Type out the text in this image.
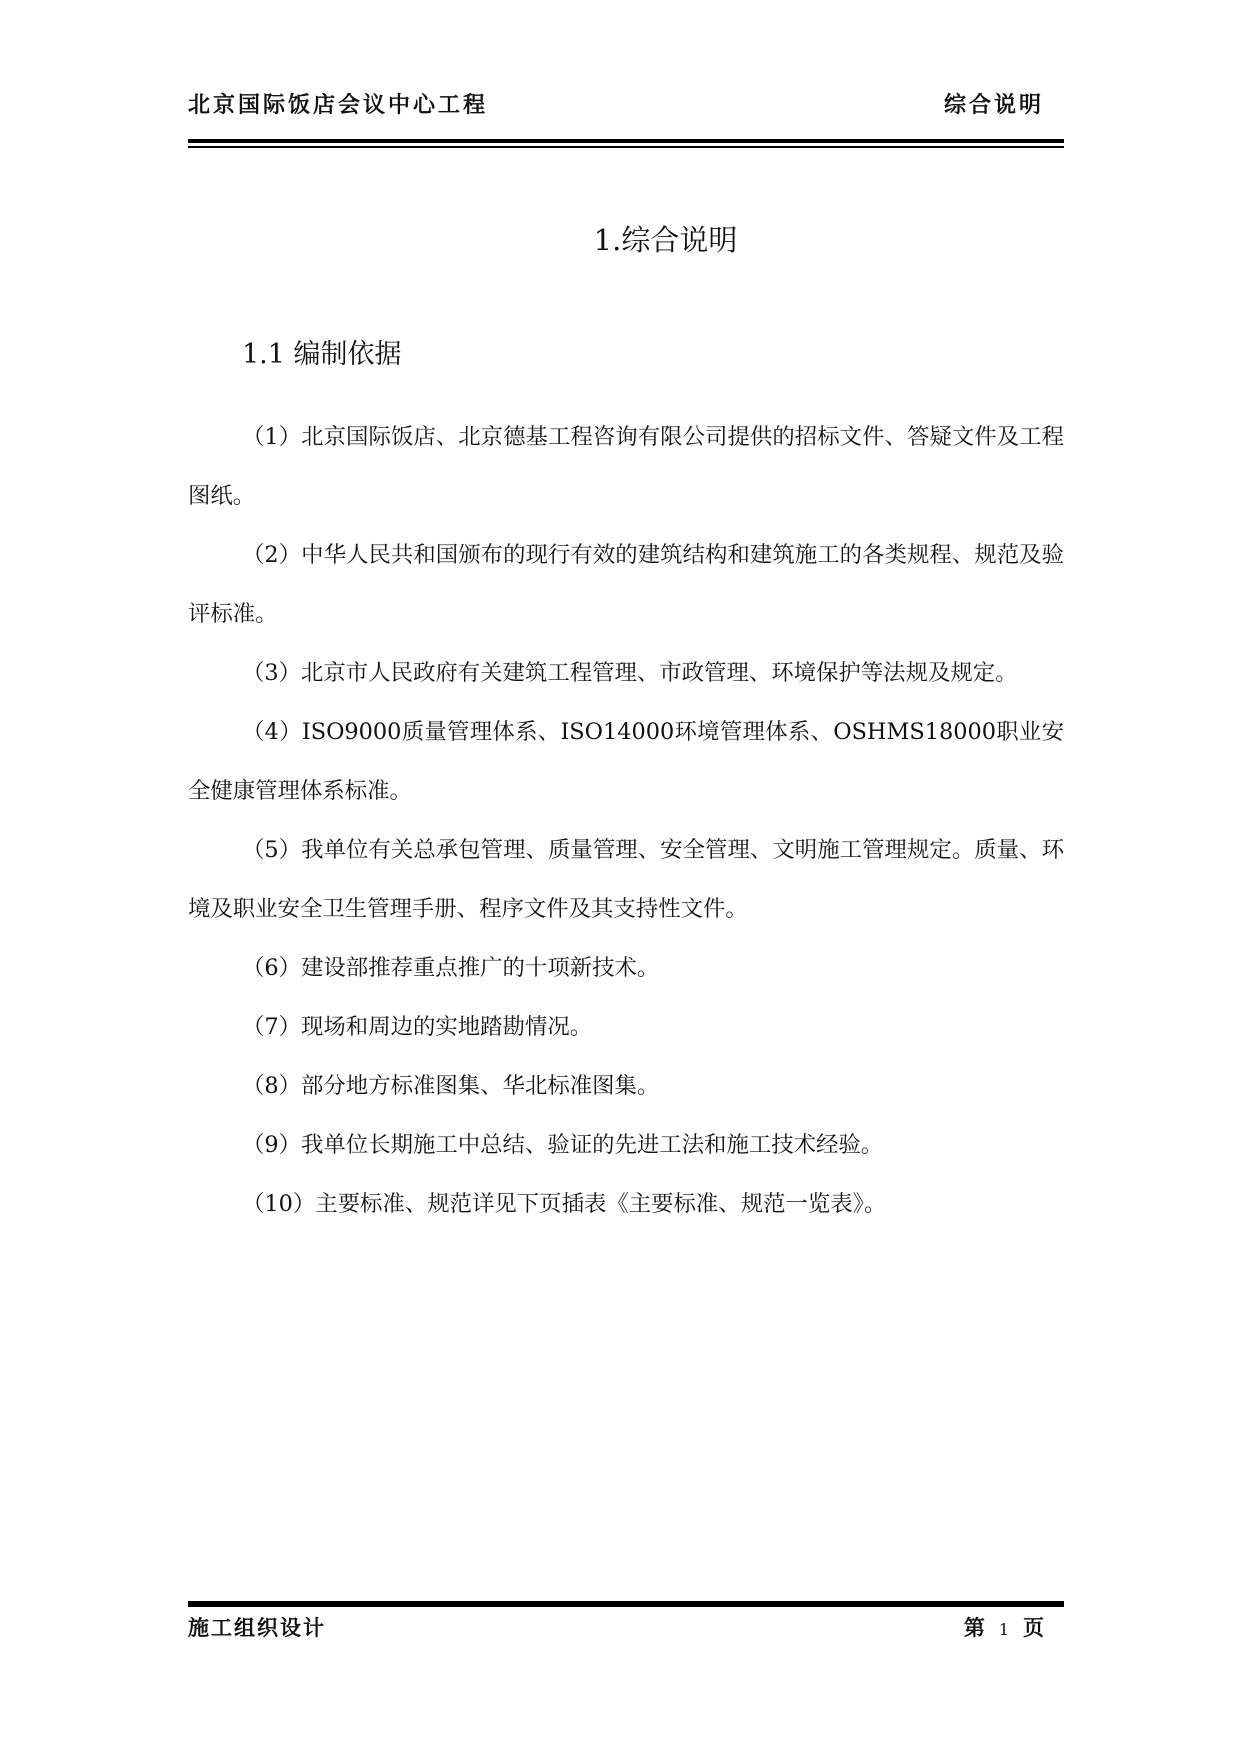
北京国际饭店会议中心工程	综合说明
1.综合说明
1.1 编制依据

（1）北京国际饭店、北京德基工程咨询有限公司提供的招标文件、答疑文件及工程图纸。

（2）中华人民共和国颁布的现行有效的建筑结构和建筑施工的各类规程、规范及验评标准。

（3）北京市人民政府有关建筑工程管理、市政管理、环境保护等法规及规定。

（4）ISO9000质量管理体系、ISO14000环境管理体系、OSHMS18000职业安全健康管理体系标准。

（5）我单位有关总承包管理、质量管理、安全管理、文明施工管理规定。质量、环境及职业安全卫生管理手册、程序文件及其支持性文件。

（6）建设部推荐重点推广的十项新技术。

（7）现场和周边的实地踏勘情况。

（8）部分地方标准图集、华北标准图集。

（9）我单位长期施工中总结、验证的先进工法和施工技术经验。

（10）主要标准、规范详见下页插表《主要标准、规范一览表》。

施工组织设计	第 1 页
